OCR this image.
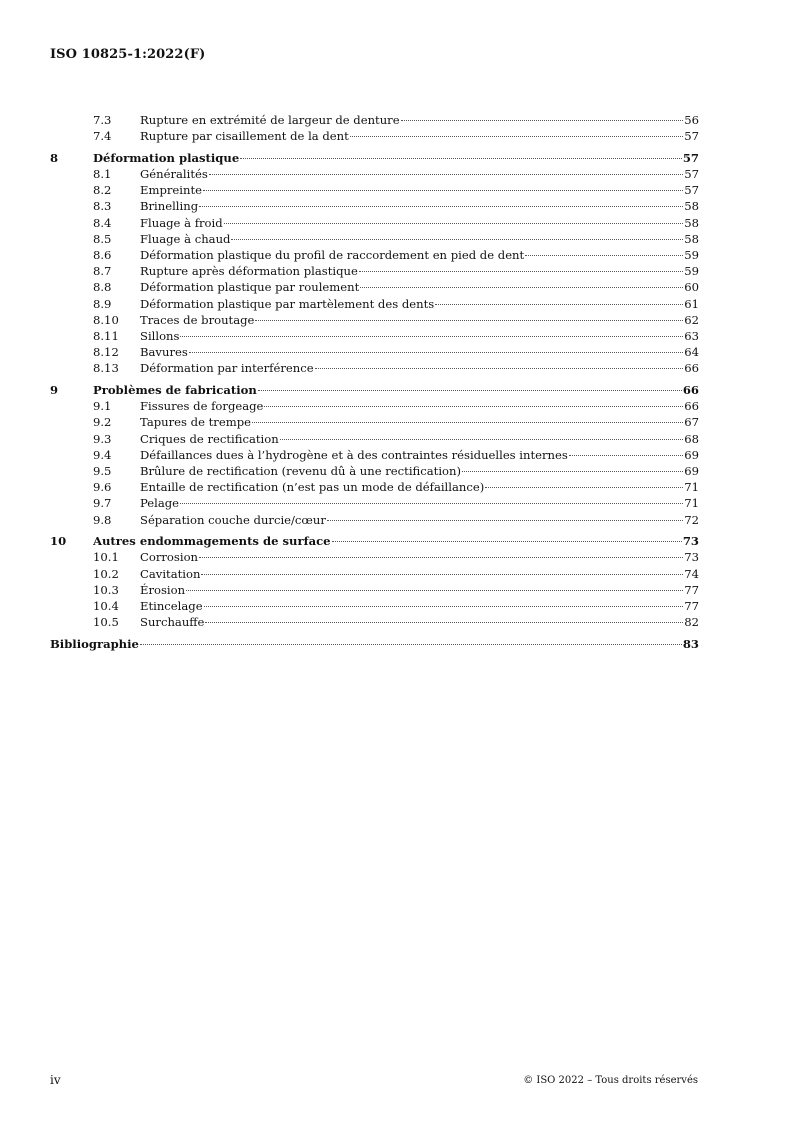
ISO 10825-1:2022(F)
7.3	Rupture en extrémité de largeur de denture	56
7.4	Rupture par cisaillement de la dent	57
8	Déformation plastique	57
8.1	Généralités	57
8.2	Empreinte	57
8.3	Brinelling	58
8.4	Fluage à froid	58
8.5	Fluage à chaud	58
8.6	Déformation plastique du profil de raccordement en pied de dent	59
8.7	Rupture après déformation plastique	59
8.8	Déformation plastique par roulement	60
8.9	Déformation plastique par martèlement des dents	61
8.10	Traces de broutage	62
8.11	Sillons	63
8.12	Bavures	64
8.13	Déformation par interférence	66
9	Problèmes de fabrication	66
9.1	Fissures de forgeage	66
9.2	Tapures de trempe	67
9.3	Criques de rectification	68
9.4	Défaillances dues à l’hydrogène et à des contraintes résiduelles internes	69
9.5	Brûlure de rectification (revenu dû à une rectification)	69
9.6	Entaille de rectification (n’est pas un mode de défaillance)	71
9.7	Pelage	71
9.8	Séparation couche durcie/cœur	72
10	Autres endommagements de surface	73
10.1	Corrosion	73
10.2	Cavitation	74
10.3	Érosion	77
10.4	Etincelage	77
10.5	Surchauffe	82
Bibliographie	83
iv	© ISO 2022 – Tous droits réservés
